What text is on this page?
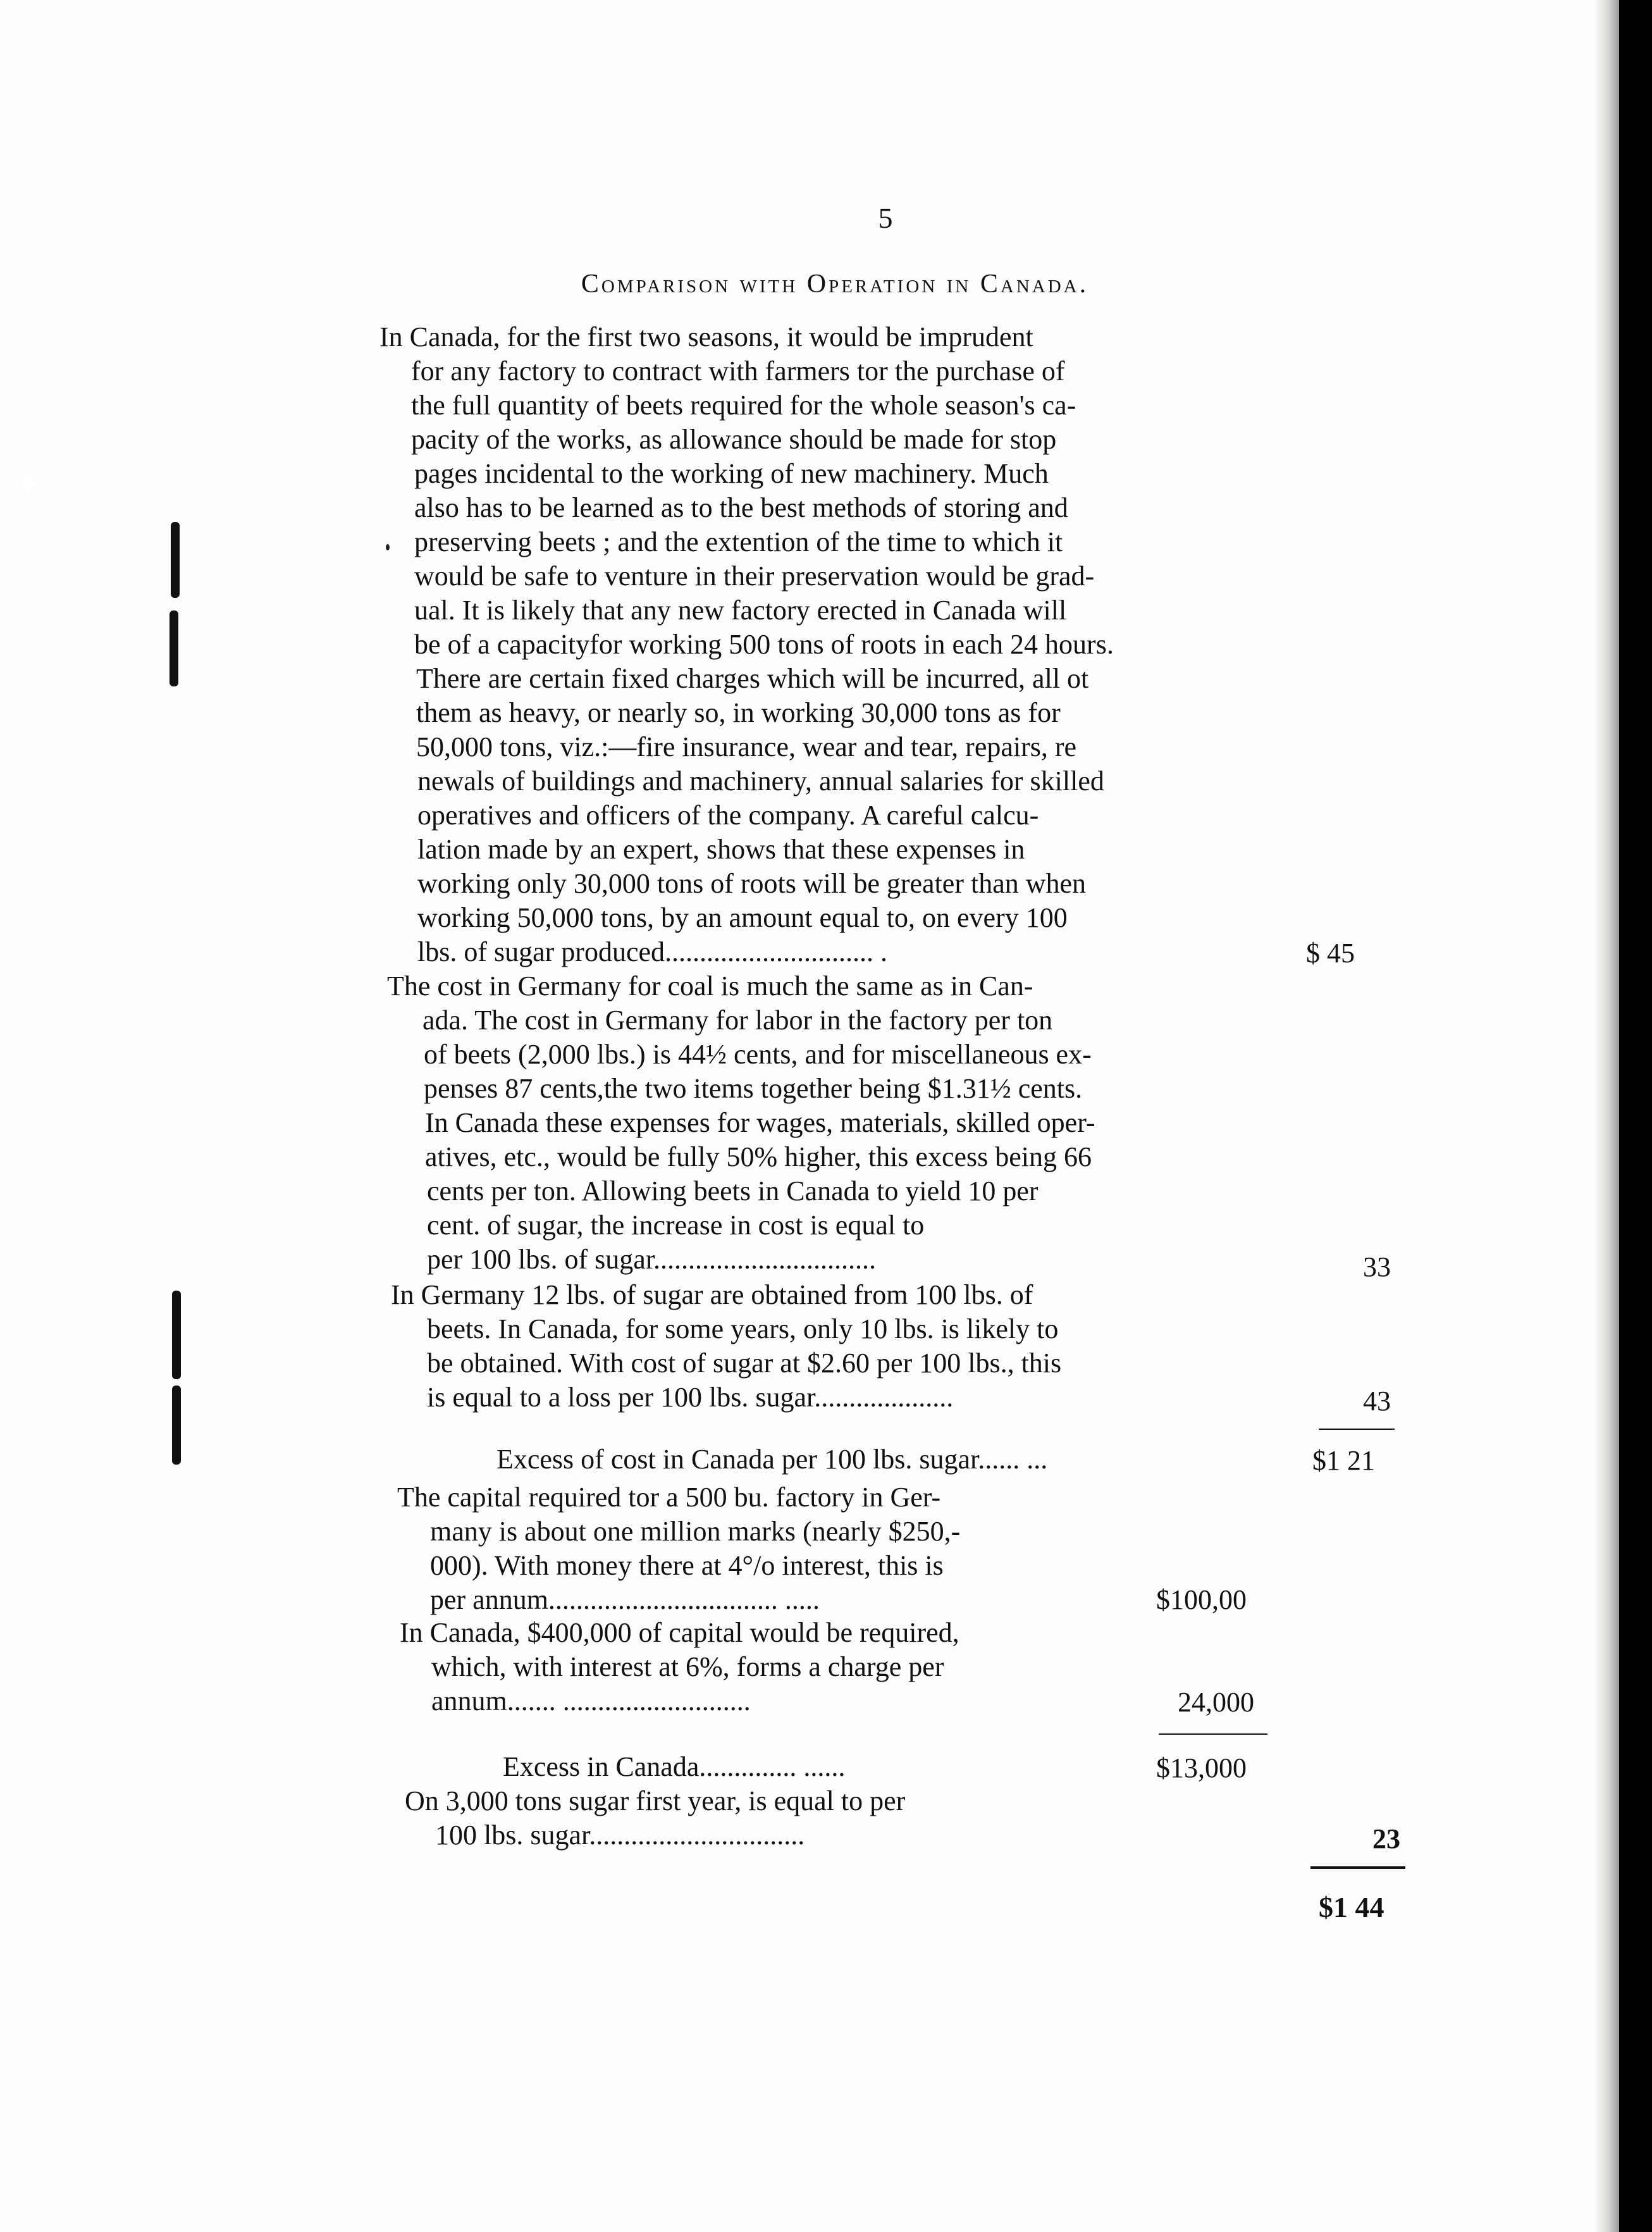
5
Comparison with Operation in Canada.
In Canada, for the first two seasons, it would be imprudent
for any factory to contract with farmers tor the purchase of
the full quantity of beets required for the whole season's ca-
pacity of the works, as allowance should be made for stop
pages incidental to the working of new machinery. Much
also has to be learned as to the best methods of storing and
preserving beets ; and the extention of the time to which it
would be safe to venture in their preservation would be grad-
ual. It is likely that any new factory erected in Canada will
be of a capacityfor working 500 tons of roots in each 24 hours.
There are certain fixed charges which will be incurred, all ot
them as heavy, or nearly so, in working 30,000 tons as for
50,000 tons, viz.:—fire insurance, wear and tear, repairs, re
newals of buildings and machinery, annual salaries for skilled
operatives and officers of the company. A careful calcu-
lation made by an expert, shows that these expenses in
working only 30,000 tons of roots will be greater than when
working 50,000 tons, by an amount equal to, on every 100
lbs. of sugar produced.............................. .	$ 45
The cost in Germany for coal is much the same as in Can-
ada. The cost in Germany for labor in the factory per ton
of beets (2,000 lbs.) is 44½ cents, and for miscellaneous ex-
penses 87 cents,the two items together being $1.31½ cents.
In Canada these expenses for wages, materials, skilled oper-
atives, etc., would be fully 50% higher, this excess being 66
cents per ton. Allowing beets in Canada to yield 10 per
cent. of sugar, the increase in cost is equal to
per 100 lbs. of sugar................................	33
In Germany 12 lbs. of sugar are obtained from 100 lbs. of
beets. In Canada, for some years, only 10 lbs. is likely to
be obtained. With cost of sugar at $2.60 per 100 lbs., this
is equal to a loss per 100 lbs. sugar....................	43
Excess of cost in Canada per 100 lbs. sugar...... ...	$1 21
The capital required tor a 500 bu. factory in Ger-
many is about one million marks (nearly $250,-
000). With money there at 4°/o interest, this is
per annum................................. .....	$100,00
In Canada, $400,000 of capital would be required,
which, with interest at 6%, forms a charge per
annum....... ...........................	24,000
Excess in Canada.............. ......	$13,000
On 3,000 tons sugar first year, is equal to per
100 lbs. sugar...............................	23
$1 44
